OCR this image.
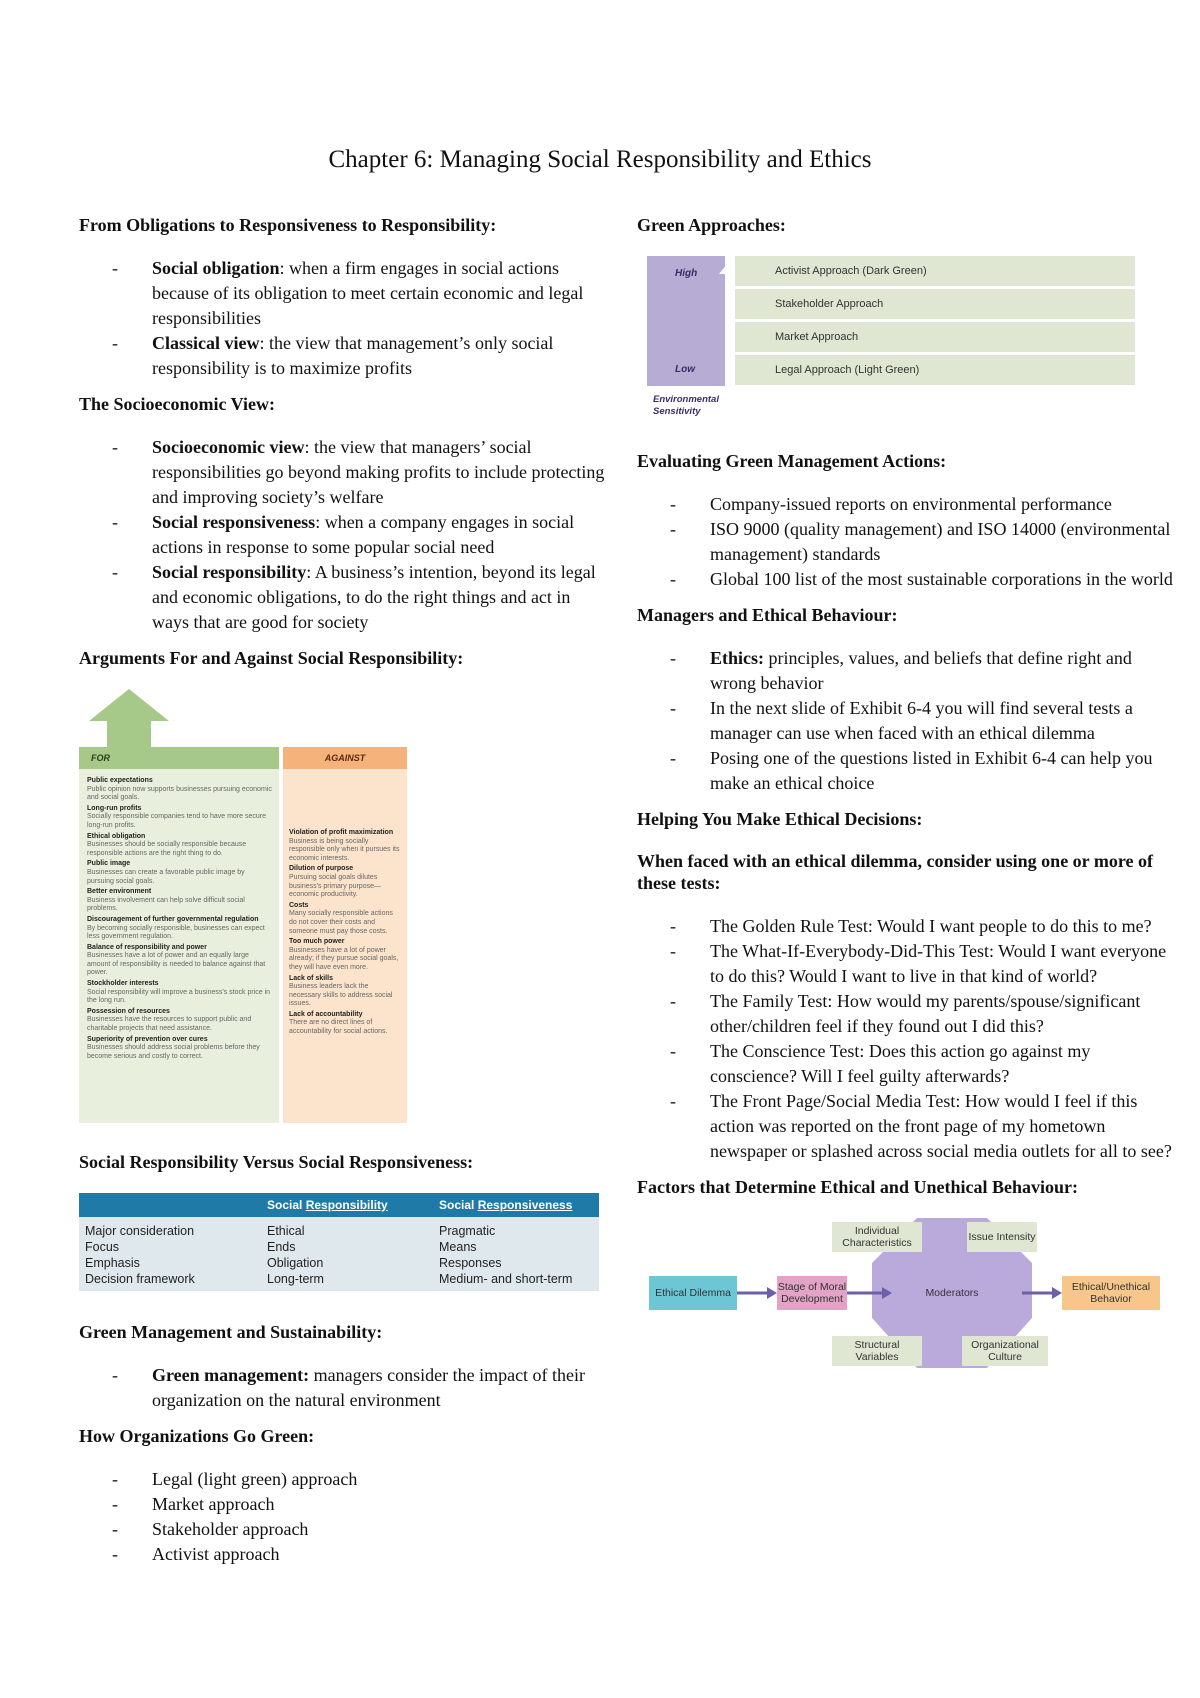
Chapter 6: Managing Social Responsibility and Ethics
From Obligations to Responsiveness to Responsibility:
- Social obligation: when a firm engages in social actions because of its obligation to meet certain economic and legal responsibilities
- Classical view: the view that management’s only social responsibility is to maximize profits
The Socioeconomic View:
- Socioeconomic view: the view that managers’ social responsibilities go beyond making profits to include protecting and improving society’s welfare
- Social responsiveness: when a company engages in social actions in response to some popular social need
- Social responsibility: A business’s intention, beyond its legal and economic obligations, to do the right things and act in ways that are good for society
Arguments For and Against Social Responsibility:
FOR	AGAINST
Public expectations
Public opinion now supports businesses pursuing economic and social goals.
Long-run profits
Socially responsible companies tend to have more secure long-run profits.
Ethical obligation
Businesses should be socially responsible because responsible actions are the right thing to do.
Public image
Businesses can create a favorable public image by pursuing social goals.
Better environment
Business involvement can help solve difficult social problems.
Discouragement of further governmental regulation
By becoming socially responsible, businesses can expect less government regulation.
Balance of responsibility and power
Businesses have a lot of power and an equally large amount of responsibility is needed to balance against that power.
Stockholder interests
Social responsibility will improve a business's stock price in the long run.
Possession of resources
Businesses have the resources to support public and charitable projects that need assistance.
Superiority of prevention over cures
Businesses should address social problems before they become serious and costly to correct.
Violation of profit maximization
Business is being socially responsible only when it pursues its economic interests.
Dilution of purpose
Pursuing social goals dilutes business's primary purpose—economic productivity.
Costs
Many socially responsible actions do not cover their costs and someone must pay those costs.
Too much power
Businesses have a lot of power already; if they pursue social goals, they will have even more.
Lack of skills
Business leaders lack the necessary skills to address social issues.
Lack of accountability
There are no direct lines of accountability for social actions.
Social Responsibility Versus Social Responsiveness:
	Social Responsibility	Social Responsiveness

Major consideration	Ethical	Pragmatic
Focus	Ends	Means
Emphasis	Obligation	Responses
Decision framework	Long-term	Medium- and short-term
Green Management and Sustainability:
- Green management: managers consider the impact of their organization on the natural environment
How Organizations Go Green:
- Legal (light green) approach
- Market approach
- Stakeholder approach
- Activist approach
Green Approaches:
High
Low
Environmental Sensitivity
Activist Approach (Dark Green)
Stakeholder Approach
Market Approach
Legal Approach (Light Green)
Evaluating Green Management Actions:
- Company-issued reports on environmental performance
- ISO 9000 (quality management) and ISO 14000 (environmental management) standards
- Global 100 list of the most sustainable corporations in the world
Managers and Ethical Behaviour:
- Ethics: principles, values, and beliefs that define right and wrong behavior
- In the next slide of Exhibit 6-4 you will find several tests a manager can use when faced with an ethical dilemma
- Posing one of the questions listed in Exhibit 6-4 can help you make an ethical choice
Helping You Make Ethical Decisions:
When faced with an ethical dilemma, consider using one or more of these tests:
- The Golden Rule Test: Would I want people to do this to me?
- The What-If-Everybody-Did-This Test: Would I want everyone to do this? Would I want to live in that kind of world?
- The Family Test: How would my parents/spouse/significant other/children feel if they found out I did this?
- The Conscience Test: Does this action go against my conscience? Will I feel guilty afterwards?
- The Front Page/Social Media Test: How would I feel if this action was reported on the front page of my hometown newspaper or splashed across social media outlets for all to see?
Factors that Determine Ethical and Unethical Behaviour:
Ethical Dilemma	Stage of Moral Development	Moderators
Individual Characteristics	Issue Intensity
Structural Variables
Organizational Culture
Ethical/Unethical Behavior
